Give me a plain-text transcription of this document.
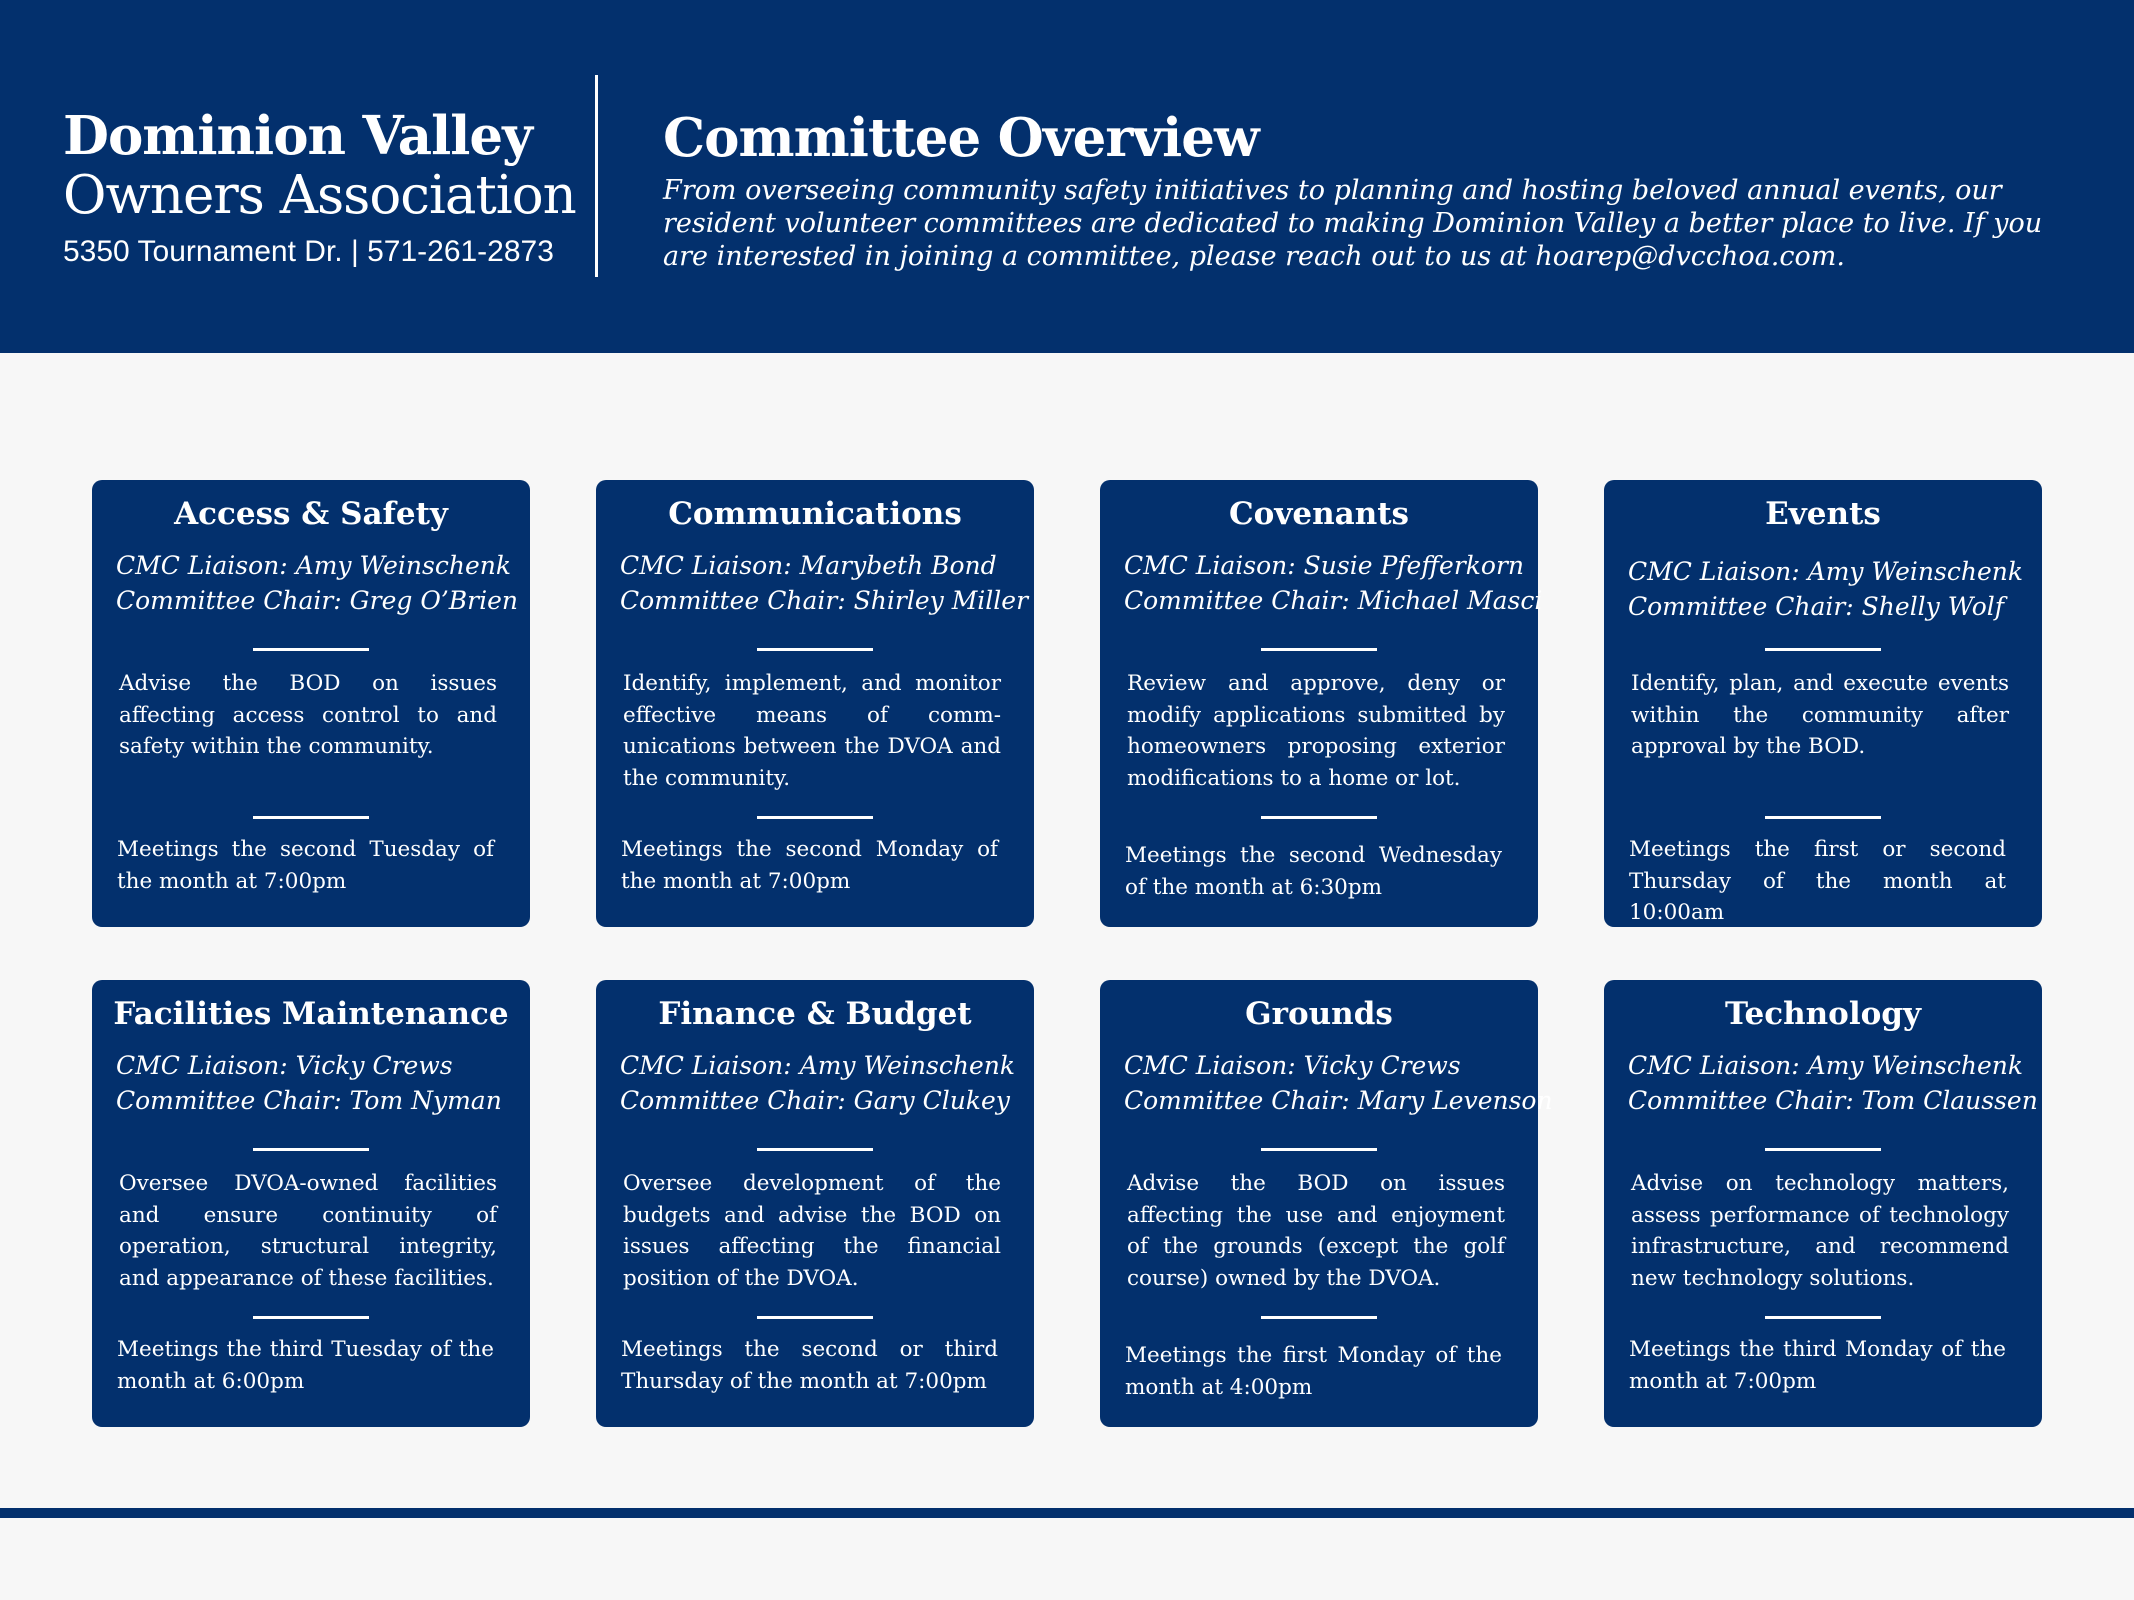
Dominion Valley
Owners Association
5350 Tournament Dr. | 571-261-2873
Committee Overview
From overseeing community safety initiatives to planning and hosting beloved annual events, our resident volunteer committees are dedicated to making Dominion Valley a better place to live. If you are interested in joining a committee, please reach out to us at hoarep@dvcchoa.com.
Access & Safety
CMC Liaison: Amy Weinschenk
Committee Chair: Greg O’Brien
Advise the BOD on issues affecting access control to and safety within the community.
Meetings the second Tuesday of the month at 7:00pm
Communications
CMC Liaison: Marybeth Bond
Committee Chair: Shirley Miller
Identify, implement, and monitor effective means of comm-unications between the DVOA and the community.
Meetings the second Monday of the month at 7:00pm
Covenants
CMC Liaison: Susie Pfefferkorn
Committee Chair: Michael Masci
Review and approve, deny or modify applications submitted by homeowners proposing exterior modifications to a home or lot.
Meetings the second Wednesday of the month at 6:30pm
Events
CMC Liaison: Amy Weinschenk
Committee Chair: Shelly Wolf
Identify, plan, and execute events within the community after approval by the BOD.
Meetings the first or second Thursday of the month at 10:00am
Facilities Maintenance
CMC Liaison: Vicky Crews
Committee Chair: Tom Nyman
Oversee DVOA-owned facilities and ensure continuity of operation, structural integrity, and appearance of these facilities.
Meetings the third Tuesday of the month at 6:00pm
Finance & Budget
CMC Liaison: Amy Weinschenk
Committee Chair: Gary Clukey
Oversee development of the budgets and advise the BOD on issues affecting the financial position of the DVOA.
Meetings the second or third Thursday of the month at 7:00pm
Grounds
CMC Liaison: Vicky Crews
Committee Chair: Mary Levenson
Advise the BOD on issues affecting the use and enjoyment of the grounds (except the golf course) owned by the DVOA.
Meetings the first Monday of the month at 4:00pm
Technology
CMC Liaison: Amy Weinschenk
Committee Chair: Tom Claussen
Advise on technology matters, assess performance of technology infrastructure, and recommend new technology solutions.
Meetings the third Monday of the month at 7:00pm
